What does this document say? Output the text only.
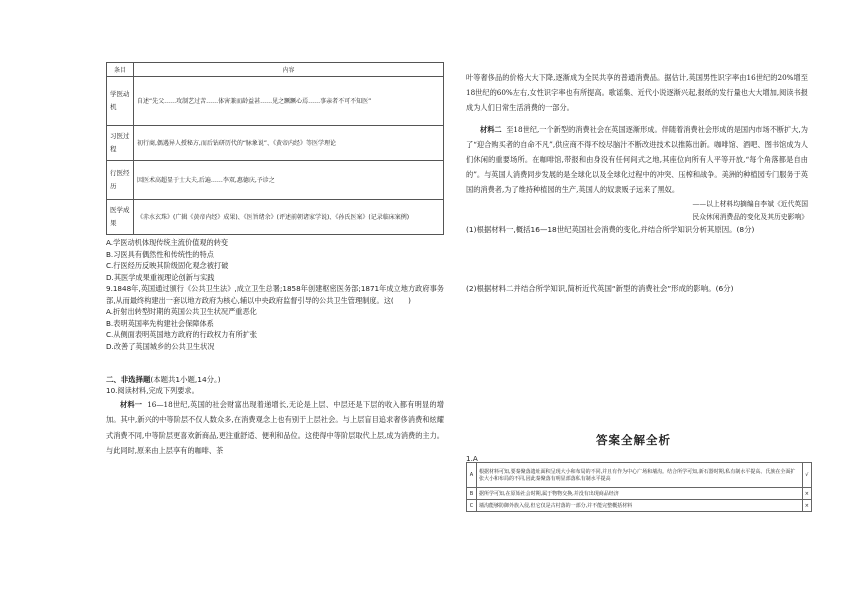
条目	内容
学医动机	自述“先父……攻制艺过苦……体害兼而龄益甚……见之蹶蹶心焉……事亲者不可不知医”
习医过程	初行商,偶遇异人授秘方,而后钻研历代的“脉象说”、《黄帝内经》等医学理论
行医经历	因医术高超显于士大夫,后遍……李双,惠德庆,予诊之
医学成果	《赤水玄珠》(广辑《黄帝内经》成果)、《医旨绪余》(评述前朝诸家学说)、《孙氏医案》(记录临床案例)

A.学医动机体现传统主流价值观的转变

B.习医具有偶然性和传统性的特点

C.行医经历反映其阶级固化观念被打破

D.其医学成果重视理论创新与实践

9.1848年,英国通过颁行《公共卫生法》,成立卫生总署;1858年创建枢密医务部;1871年成立地方政府事务部,从而最终构建出一套以地方政府为核心,辅以中央政府监督引导的公共卫生管理制度。这(　　)

A.折射出转型时期的英国公共卫生状况严重恶化

B.表明英国率先构建社会保障体系

C.从侧面表明英国地方政府的行政权力有所扩张

D.改善了英国城乡的公共卫生状况

二、非选择题(本题共1小题,14分。)

10.阅读材料,完成下列要求。

材料一 16—18世纪,英国的社会财富出现着递增长,无论是上层、中层还是下层的收入都有明显的增加。其中,新兴的中等阶层不仅人数众多,在消费观念上也有别于上层社会。与上层盲目追求奢侈消费和炫耀式消费不同,中等阶层更喜欢新商品,更注重舒适、便利和品位。这使得中等阶层取代上层,成为消费的主力。与此同时,原来由上层享有的咖啡、茶

叶等奢侈品的价格大大下降,逐渐成为全民共享的普通消费品。据估计,英国男性识字率由16世纪的20%增至18世纪的60%左右,女性识字率也有所提高。歌谣集、近代小说逐渐兴起,报纸的发行量也大大增加,阅读书报成为人们日常生活消费的一部分。

材料二 至18世纪,一个新型的消费社会在英国逐渐形成。伴随着消费社会形成的是国内市场不断扩大,为了“迎合购买者的自命不凡”,供应商不得不绞尽脑汁不断改进技术以推陈出新。咖啡馆、酒吧、图书馆成为人们休闲的重要场所。在咖啡馆,带报和由身没有任何间式之地,其座位向所有人平等开放,“每个角落都是自由的”。与英国人消费同步发展的是全球化以及全球化过程中的冲突、压榨和战争。美洲的种植园专门服务于英国的消费者,为了维持种植园的生产,英国人的奴隶贩子远来了黑奴。

——以上材料均摘编自李斌《近代英国

民众休闲消费品的变化及其历史影响》

(1)根据材料一,概括16—18世纪英国社会消费的变化,并结合所学知识分析其原因。(8分)

(2)根据材料二并结合所学知识,简析近代英国“新型的消费社会”形成的影响。(6分)

答案全解全析
1.A
A	根据材料可知,要秦聚落遗址面积呈现大小和布局的不同,并且有作为中心广场和墙沟。结合所学可知,新石器时期,私有制水平提高、氏族在全面扩张大小和布局的不同,因此秦聚落有明显部落私有制水平提高	√
B	据所学可知,在原始社会时期,属于物物交换,并没有出现商品经济	×
C	墙沟能够防御外族入侵,但它仅是古村落的一部分,并不能完整概括材料	×
